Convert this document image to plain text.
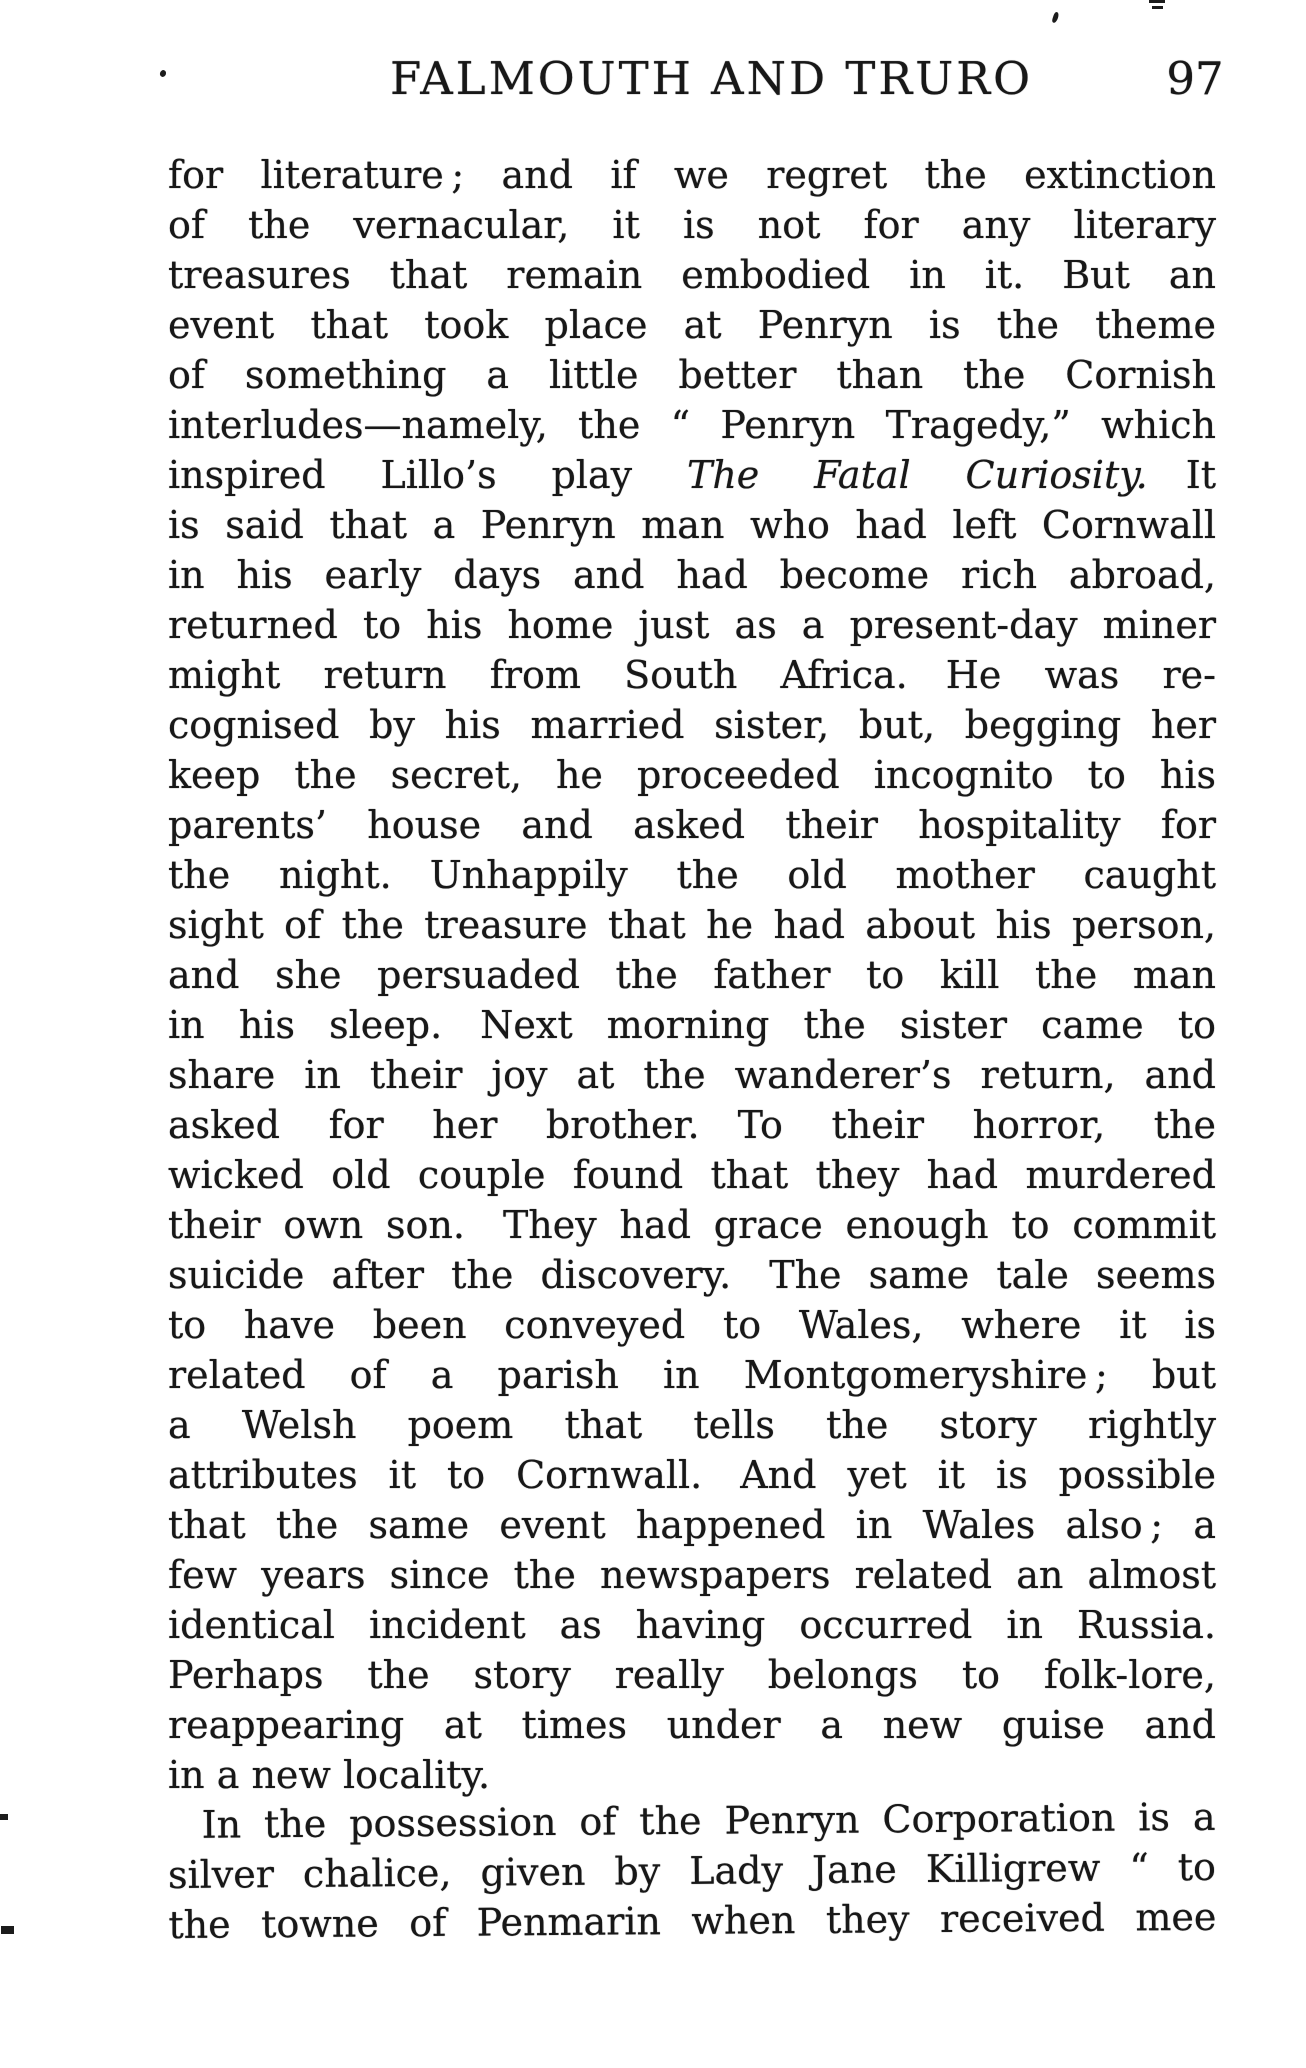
FALMOUTH AND TRURO	97
for literature ; and if we regret the extinction
of the vernacular, it is not for any literary
treasures that remain embodied in it. But an
event that took place at Penryn is the theme
of something a little better than the Cornish
interludes—namely, the “ Penryn Tragedy,” which
inspired Lillo’s play The Fatal Curiosity. It
is said that a Penryn man who had left Cornwall
in his early days and had become rich abroad,
returned to his home just as a present-day miner
might return from South Africa. He was re-
cognised by his married sister, but, begging her
keep the secret, he proceeded incognito to his
parents’ house and asked their hospitality for
the night. Unhappily the old mother caught
sight of the treasure that he had about his person,
and she persuaded the father to kill the man
in his sleep. Next morning the sister came to
share in their joy at the wanderer’s return, and
asked for her brother. To their horror, the
wicked old couple found that they had murdered
their own son. They had grace enough to commit
suicide after the discovery. The same tale seems
to have been conveyed to Wales, where it is
related of a parish in Montgomeryshire ; but
a Welsh poem that tells the story rightly
attributes it to Cornwall. And yet it is possible
that the same event happened in Wales also ; a
few years since the newspapers related an almost
identical incident as having occurred in Russia.
Perhaps the story really belongs to folk-lore,
reappearing at times under a new guise and
in a new locality.
In the possession of the Penryn Corporation is a
silver chalice, given by Lady Jane Killigrew “ to
the towne of Penmarin when they received mee
